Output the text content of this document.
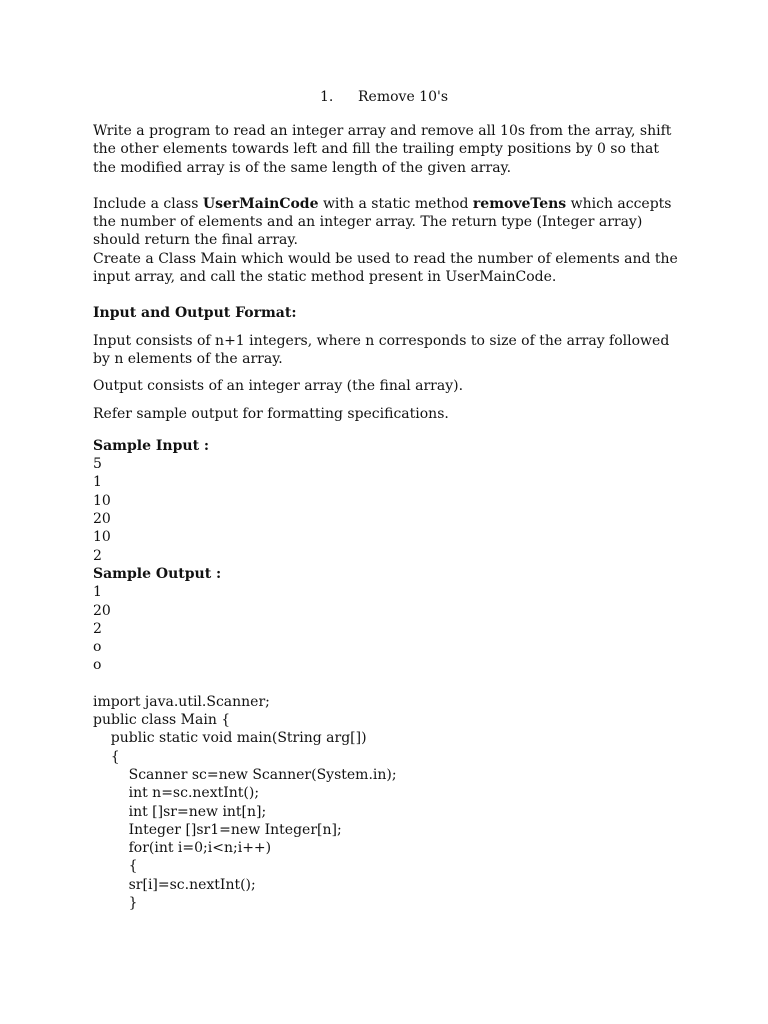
1. Remove 10's

Write a program to read an integer array and remove all 10s from the array, shift the other elements towards left and fill the trailing empty positions by 0 so that the modified array is of the same length of the given array.

Include a class UserMainCode with a static method removeTens which accepts the number of elements and an integer array. The return type (Integer array) should return the final array.

Create a Class Main which would be used to read the number of elements and the input array, and call the static method present in UserMainCode.

Input and Output Format:

Input consists of n+1 integers, where n corresponds to size of the array followed by n elements of the array.

Output consists of an integer array (the final array).

Refer sample output for formatting specifications.

Sample Input :

5
1
10
20
10
2

Sample Output :

1
20
2
o
o
import java.util.Scanner;
public class Main {
public static void main(String arg[])
{
Scanner sc=new Scanner(System.in);
int n=sc.nextInt();
int []sr=new int[n];
Integer []sr1=new Integer[n];
for(int i=0;i<n;i++)
{
sr[i]=sc.nextInt();
}
